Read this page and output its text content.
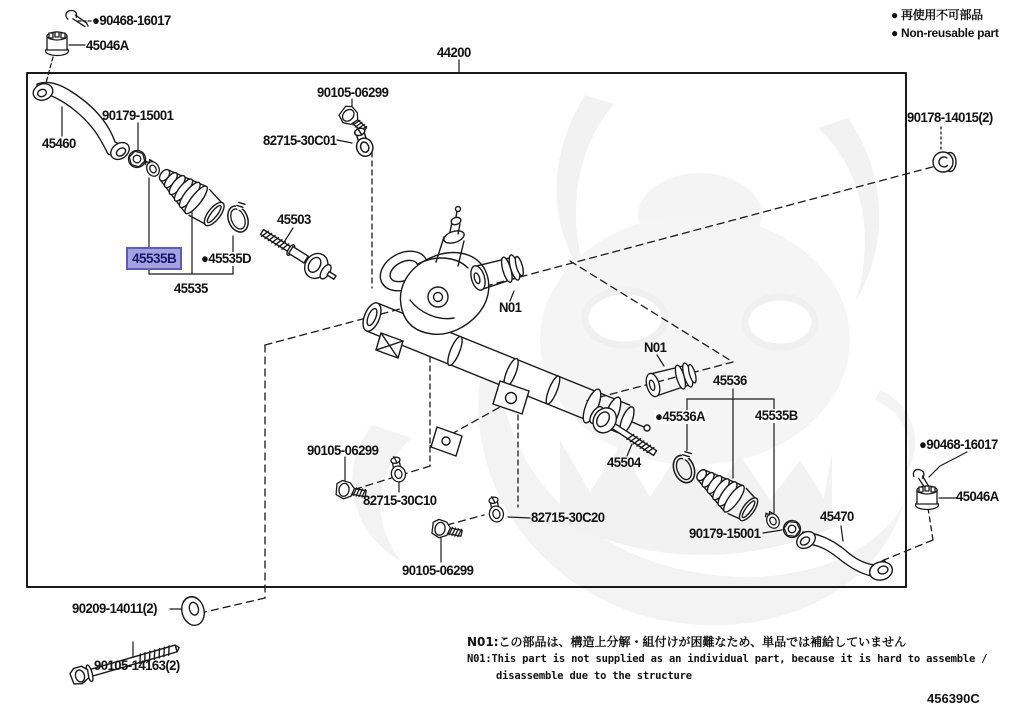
●90468-16017
45046A	44200
90105-06299
82715-30C01
90179-15001
45460
45503
45535B	●45535D
45535
N01
N01
90178-14015(2)
45536
●45536A	45535B
45504
90105-06299
82715-30C10
82715-30C20
90105-06299
90179-15001
45470
●90468-16017
45046A
90209-14011(2)
90105-14163(2)
● 再使用不可部品
● Non-reusable part
N01:この部品は、構造上分解・組付けが困難なため、単品では補給していません
N01:This part is not supplied as an individual part, because it is hard to assemble /
disassemble due to the structure
456390C
